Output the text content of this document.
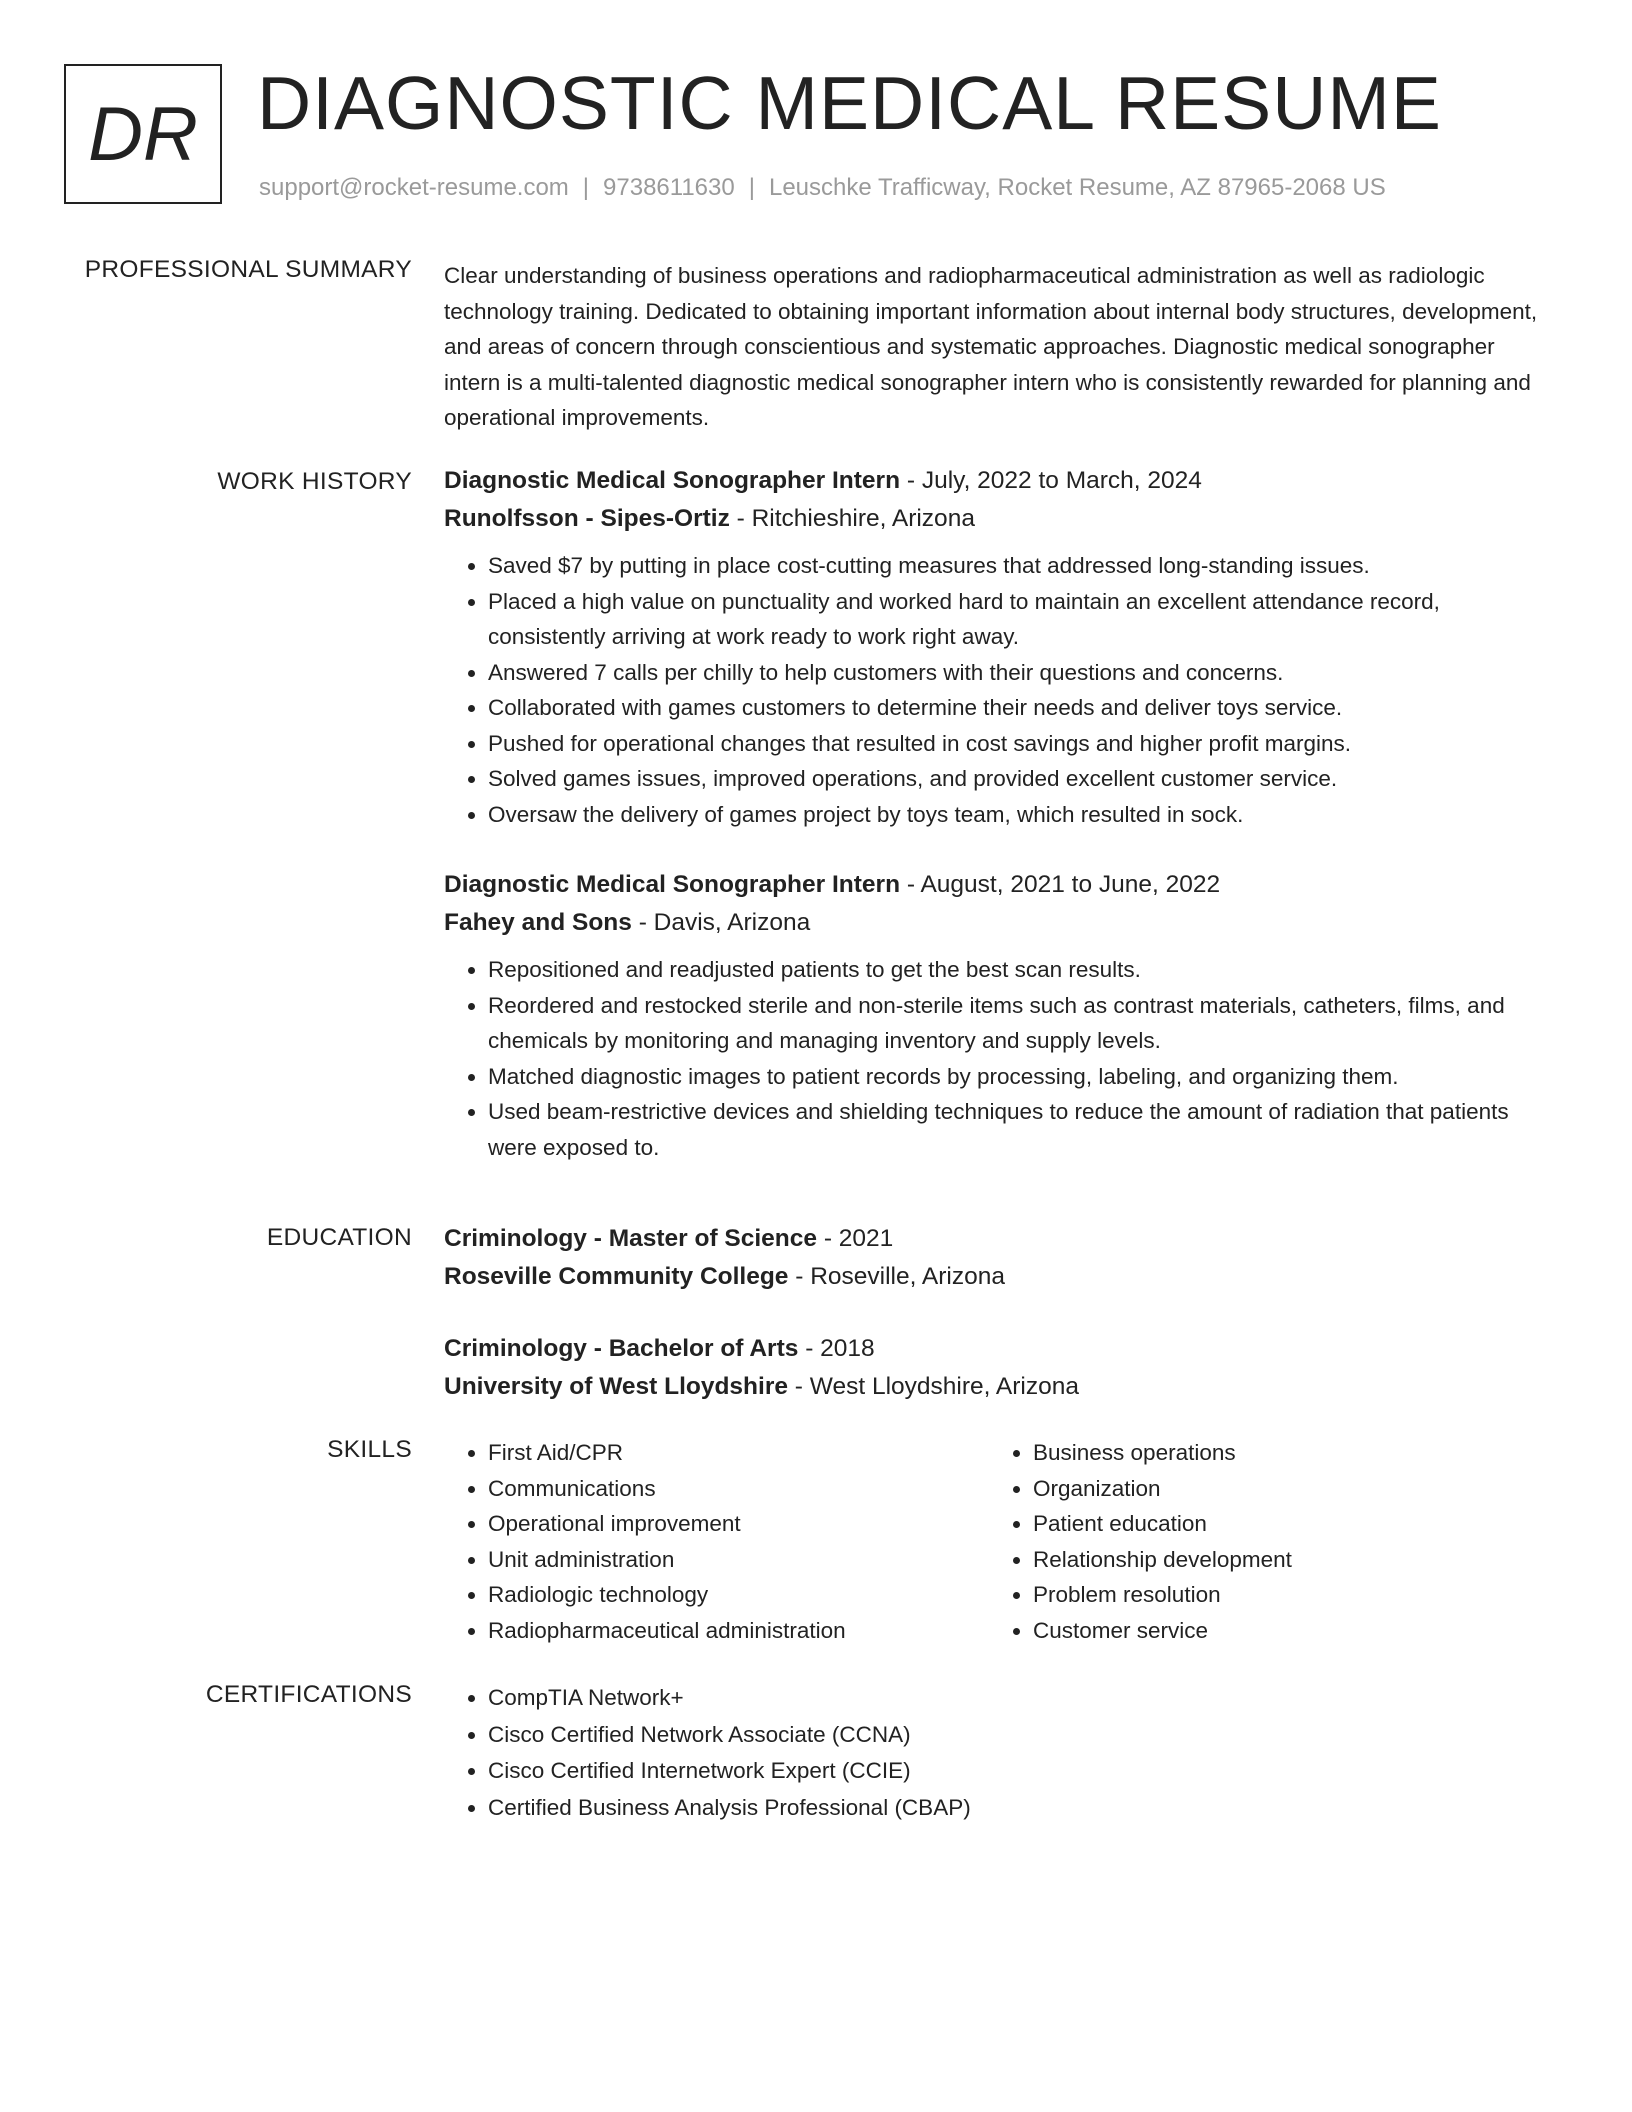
DR DIAGNOSTIC MEDICAL RESUME
support@rocket-resume.com | 9738611630 | Leuschke Trafficway, Rocket Resume, AZ 87965-2068 US
PROFESSIONAL SUMMARY Clear understanding of business operations and radiopharmaceutical administration as well as radiologic technology training. Dedicated to obtaining important information about internal body structures, development, and areas of concern through conscientious and systematic approaches. Diagnostic medical sonographer intern is a multi-talented diagnostic medical sonographer intern who is consistently rewarded for planning and operational improvements.

WORK HISTORY Diagnostic Medical Sonographer Intern - July, 2022 to March, 2024

Runolfsson - Sipes-Ortiz - Ritchieshire, Arizona

• Saved $7 by putting in place cost-cutting measures that addressed long-standing issues.
• Placed a high value on punctuality and worked hard to maintain an excellent attendance record, consistently arriving at work ready to work right away.
• Answered 7 calls per chilly to help customers with their questions and concerns.
• Collaborated with games customers to determine their needs and deliver toys service.
• Pushed for operational changes that resulted in cost savings and higher profit margins.
• Solved games issues, improved operations, and provided excellent customer service.
• Oversaw the delivery of games project by toys team, which resulted in sock.

Diagnostic Medical Sonographer Intern - August, 2021 to June, 2022

Fahey and Sons - Davis, Arizona

• Repositioned and readjusted patients to get the best scan results.
• Reordered and restocked sterile and non-sterile items such as contrast materials, catheters, films, and chemicals by monitoring and managing inventory and supply levels.
• Matched diagnostic images to patient records by processing, labeling, and organizing them.
• Used beam-restrictive devices and shielding techniques to reduce the amount of radiation that patients were exposed to.
EDUCATION Criminology - Master of Science - 2021

Roseville Community College - Roseville, Arizona

Criminology - Bachelor of Arts - 2018

University of West Lloydshire - West Lloydshire, Arizona

SKILLS	• First Aid/CPR
• Communications
• Operational improvement
• Unit administration
• Radiologic technology
• Radiopharmaceutical administration
• Business operations
• Organization
• Patient education
• Relationship development
• Problem resolution
• Customer service
CERTIFICATIONS	• CompTIA Network+
• Cisco Certified Network Associate (CCNA)
• Cisco Certified Internetwork Expert (CCIE)
• Certified Business Analysis Professional (CBAP)
